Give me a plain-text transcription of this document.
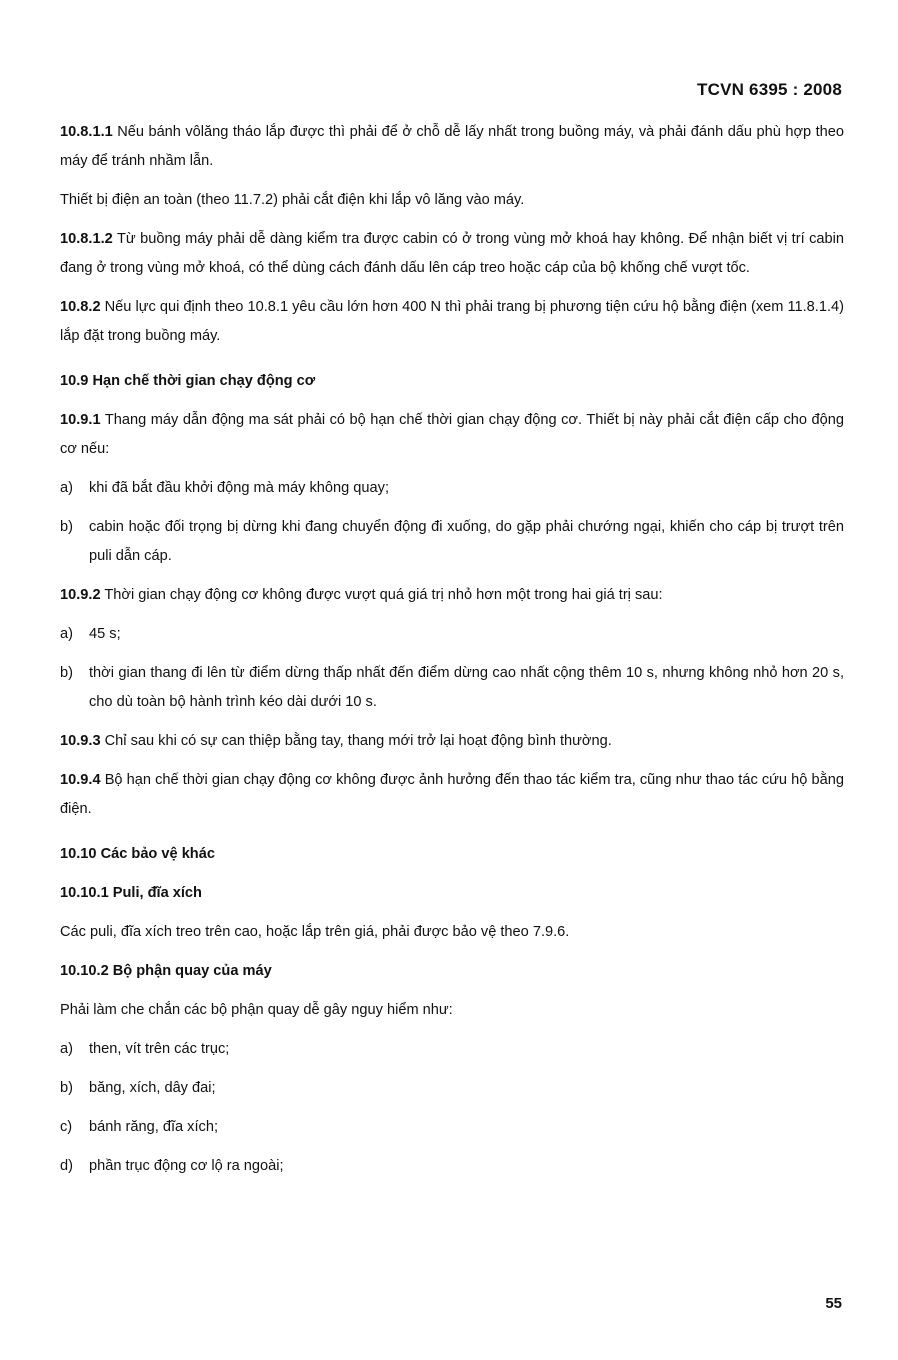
TCVN 6395 : 2008

10.8.1.1 Nếu bánh vôlăng tháo lắp được thì phải để ở chỗ dễ lấy nhất trong buồng máy, và phải đánh dấu phù hợp theo máy để tránh nhầm lẫn.

Thiết bị điện an toàn (theo 11.7.2) phải cắt điện khi lắp vô lăng vào máy.

10.8.1.2 Từ buồng máy phải dễ dàng kiểm tra được cabin có ở trong vùng mở khoá hay không. Để nhận biết vị trí cabin đang ở trong vùng mở khoá, có thể dùng cách đánh dấu lên cáp treo hoặc cáp của bộ khống chế vượt tốc.

10.8.2 Nếu lực qui định theo 10.8.1 yêu cầu lớn hơn 400 N thì phải trang bị phương tiện cứu hộ bằng điện (xem 11.8.1.4) lắp đặt trong buồng máy.

10.9 Hạn chế thời gian chạy động cơ

10.9.1 Thang máy dẫn động ma sát phải có bộ hạn chế thời gian chạy động cơ. Thiết bị này phải cắt điện cấp cho động cơ nếu:

a)	khi đã bắt đầu khởi động mà máy không quay;
b)	cabin hoặc đối trọng bị dừng khi đang chuyển động đi xuống, do gặp phải chướng ngại, khiến cho cáp bị trượt trên puli dẫn cáp.

10.9.2 Thời gian chạy động cơ không được vượt quá giá trị nhỏ hơn một trong hai giá trị sau:

a)	45 s;
b)	thời gian thang đi lên từ điểm dừng thấp nhất đến điểm dừng cao nhất cộng thêm 10 s, nhưng không nhỏ hơn 20 s, cho dù toàn bộ hành trình kéo dài dưới 10 s.

10.9.3 Chỉ sau khi có sự can thiệp bằng tay, thang mới trở lại hoạt động bình thường.

10.9.4 Bộ hạn chế thời gian chạy động cơ không được ảnh hưởng đến thao tác kiểm tra, cũng như thao tác cứu hộ bằng điện.

10.10 Các bảo vệ khác
10.10.1 Puli, đĩa xích

Các puli, đĩa xích treo trên cao, hoặc lắp trên giá, phải được bảo vệ theo 7.9.6.

10.10.2 Bộ phận quay của máy

Phải làm che chắn các bộ phận quay dễ gây nguy hiểm như:

a)	then, vít trên các trục;
b)	băng, xích, dây đai;
c)	bánh răng, đĩa xích;
d)	phần trục động cơ lộ ra ngoài;
55
